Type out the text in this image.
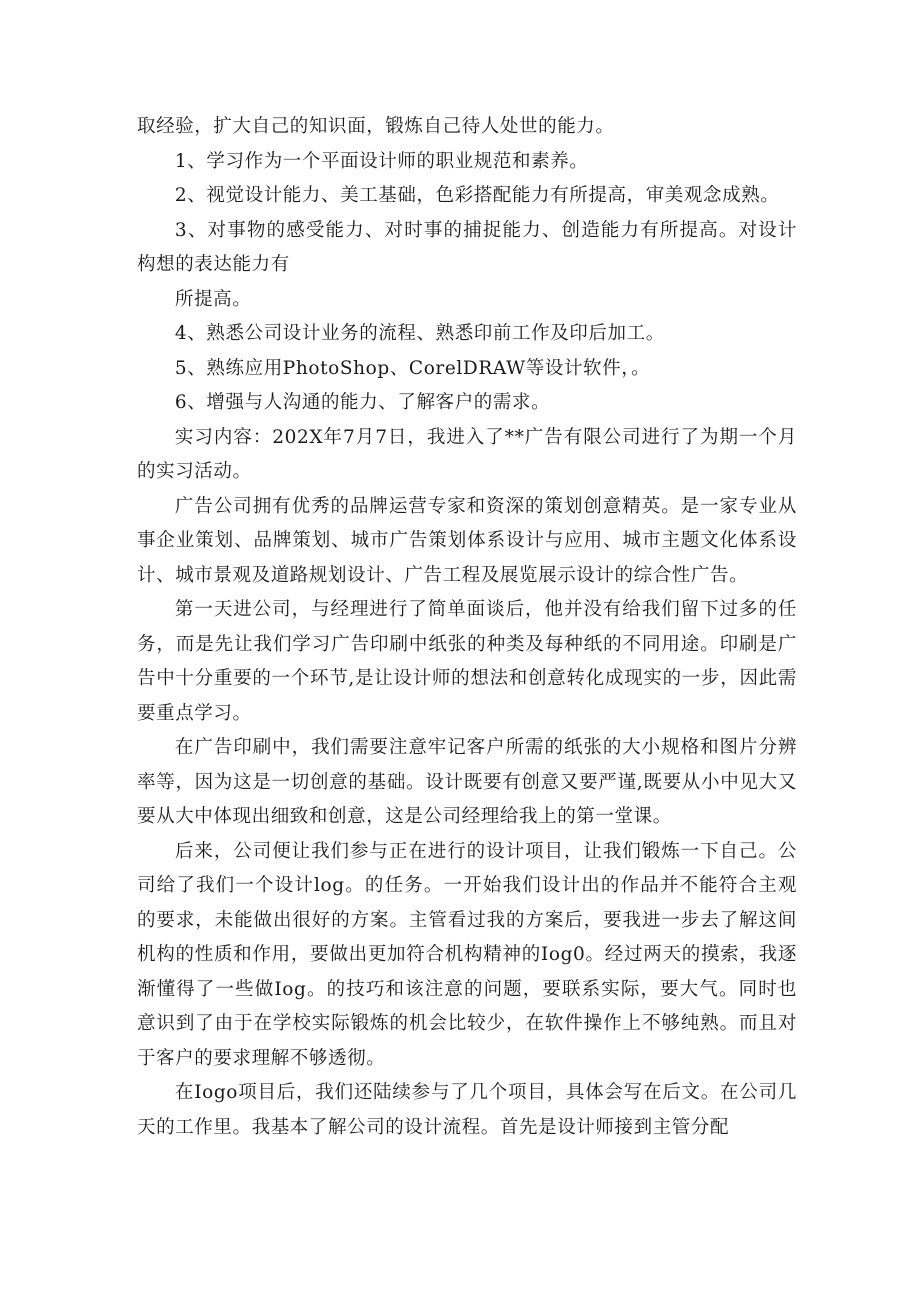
取经验，扩大自己的知识面，锻炼自己待人处世的能力。

1、学习作为一个平面设计师的职业规范和素养。

2、视觉设计能力、美工基础，色彩搭配能力有所提高，审美观念成熟。

3、对事物的感受能力、对时事的捕捉能力、创造能力有所提高。对设计构想的表达能力有

所提高。

4、熟悉公司设计业务的流程、熟悉印前工作及印后加工。

5、熟练应用PhotoShop、CorelDRAW等设计软件，。

6、增强与人沟通的能力、了解客户的需求。

实习内容：202X年7月7日，我进入了**广告有限公司进行了为期一个月的实习活动。

广告公司拥有优秀的品牌运营专家和资深的策划创意精英。是一家专业从事企业策划、品牌策划、城市广告策划体系设计与应用、城市主题文化体系设计、城市景观及道路规划设计、广告工程及展览展示设计的综合性广告。

第一天进公司，与经理进行了简单面谈后，他并没有给我们留下过多的任务，而是先让我们学习广告印刷中纸张的种类及每种纸的不同用途。印刷是广告中十分重要的一个环节,是让设计师的想法和创意转化成现实的一步，因此需要重点学习。

在广告印刷中，我们需要注意牢记客户所需的纸张的大小规格和图片分辨率等，因为这是一切创意的基础。设计既要有创意又要严谨,既要从小中见大又要从大中体现出细致和创意，这是公司经理给我上的第一堂课。

后来，公司便让我们参与正在进行的设计项目，让我们锻炼一下自己。公司给了我们一个设计log。的任务。一开始我们设计出的作品并不能符合主观的要求，未能做出很好的方案。主管看过我的方案后，要我进一步去了解这间机构的性质和作用，要做出更加符合机构精神的Iog0。经过两天的摸索，我逐渐懂得了一些做Iog。的技巧和该注意的问题，要联系实际，要大气。同时也意识到了由于在学校实际锻炼的机会比较少，在软件操作上不够纯熟。而且对于客户的要求理解不够透彻。

在Iogo项目后，我们还陆续参与了几个项目，具体会写在后文。在公司几天的工作里。我基本了解公司的设计流程。首先是设计师接到主管分配
